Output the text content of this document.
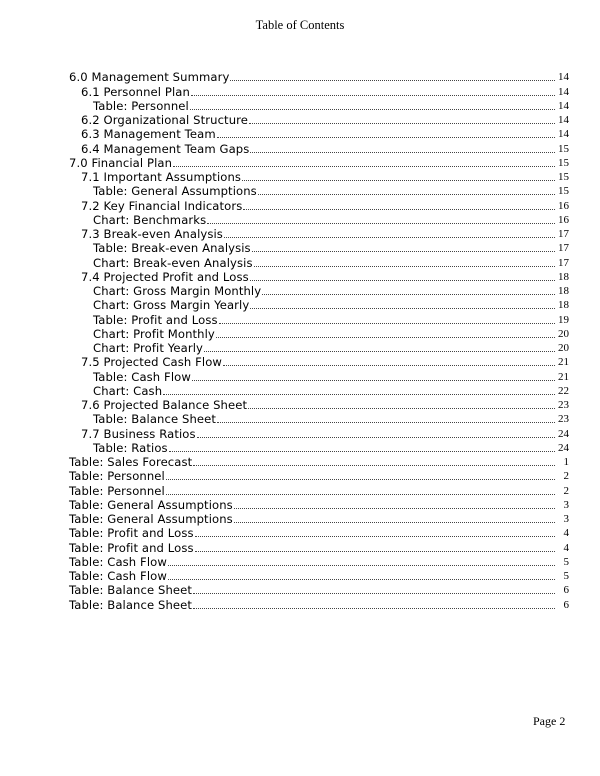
Table of Contents
6.0 Management Summary	14
6.1 Personnel Plan	14
Table: Personnel	14
6.2 Organizational Structure	14
6.3 Management Team	14
6.4 Management Team Gaps	15
7.0 Financial Plan	15
7.1 Important Assumptions	15
Table: General Assumptions	15
7.2 Key Financial Indicators	16
Chart: Benchmarks	16
7.3 Break-even Analysis	17
Table: Break-even Analysis	17
Chart: Break-even Analysis	17
7.4 Projected Profit and Loss	18
Chart: Gross Margin Monthly	18
Chart: Gross Margin Yearly	18
Table: Profit and Loss	19
Chart: Profit Monthly	20
Chart: Profit Yearly	20
7.5 Projected Cash Flow	21
Table: Cash Flow	21
Chart: Cash	22
7.6 Projected Balance Sheet	23
Table: Balance Sheet	23
7.7 Business Ratios	24
Table: Ratios	24
Table: Sales Forecast	1
Table: Personnel	2
Table: Personnel	2
Table: General Assumptions	3
Table: General Assumptions	3
Table: Profit and Loss	4
Table: Profit and Loss	4
Table: Cash Flow	5
Table: Cash Flow	5
Table: Balance Sheet	6
Table: Balance Sheet	6
Page 2
